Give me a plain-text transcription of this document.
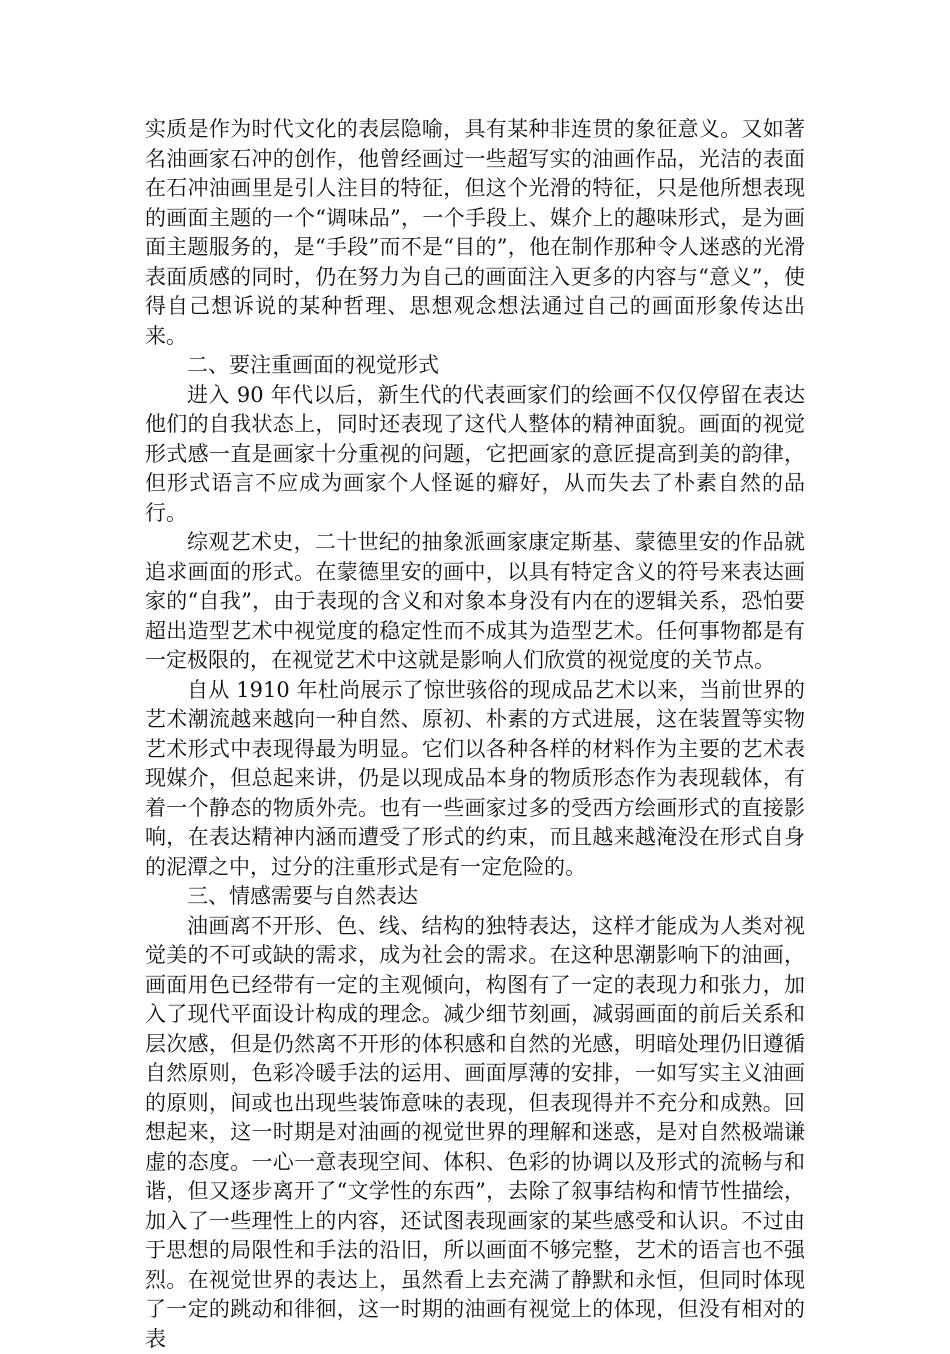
实质是作为时代文化的表层隐喻，具有某种非连贯的象征意义。又如著名油画家石冲的创作，他曾经画过一些超写实的油画作品，光洁的表面在石冲油画里是引人注目的特征，但这个光滑的特征，只是他所想表现的画面主题的一个“调味品”，一个手段上、媒介上的趣味形式，是为画面主题服务的，是“手段”而不是“目的”，他在制作那种令人迷惑的光滑表面质感的同时，仍在努力为自己的画面注入更多的内容与“意义”，使得自己想诉说的某种哲理、思想观念想法通过自己的画面形象传达出来。

二、要注重画面的视觉形式

进入 90 年代以后，新生代的代表画家们的绘画不仅仅停留在表达他们的自我状态上，同时还表现了这代人整体的精神面貌。画面的视觉形式感一直是画家十分重视的问题，它把画家的意匠提高到美的韵律，但形式语言不应成为画家个人怪诞的癖好，从而失去了朴素自然的品行。

综观艺术史，二十世纪的抽象派画家康定斯基、蒙德里安的作品就追求画面的形式。在蒙德里安的画中，以具有特定含义的符号来表达画家的“自我”，由于表现的含义和对象本身没有内在的逻辑关系，恐怕要超出造型艺术中视觉度的稳定性而不成其为造型艺术。任何事物都是有一定极限的，在视觉艺术中这就是影响人们欣赏的视觉度的关节点。

自从 1910 年杜尚展示了惊世骇俗的现成品艺术以来，当前世界的艺术潮流越来越向一种自然、原初、朴素的方式进展，这在装置等实物艺术形式中表现得最为明显。它们以各种各样的材料作为主要的艺术表现媒介，但总起来讲，仍是以现成品本身的物质形态作为表现载体，有着一个静态的物质外壳。也有一些画家过多的受西方绘画形式的直接影响，在表达精神内涵而遭受了形式的约束，而且越来越淹没在形式自身的泥潭之中，过分的注重形式是有一定危险的。

三、情感需要与自然表达

油画离不开形、色、线、结构的独特表达，这样才能成为人类对视觉美的不可或缺的需求，成为社会的需求。在这种思潮影响下的油画，画面用色已经带有一定的主观倾向，构图有了一定的表现力和张力，加入了现代平面设计构成的理念。减少细节刻画，减弱画面的前后关系和层次感，但是仍然离不开形的体积感和自然的光感，明暗处理仍旧遵循自然原则，色彩冷暖手法的运用、画面厚薄的安排，一如写实主义油画的原则，间或也出现些装饰意味的表现，但表现得并不充分和成熟。回想起来，这一时期是对油画的视觉世界的理解和迷惑，是对自然极端谦虚的态度。一心一意表现空间、体积、色彩的协调以及形式的流畅与和谐，但又逐步离开了“文学性的东西”，去除了叙事结构和情节性描绘，加入了一些理性上的内容，还试图表现画家的某些感受和认识。不过由于思想的局限性和手法的沿旧，所以画面不够完整，艺术的语言也不强烈。在视觉世界的表达上，虽然看上去充满了静默和永恒，但同时体现了一定的跳动和徘徊，这一时期的油画有视觉上的体现，但没有相对的表
